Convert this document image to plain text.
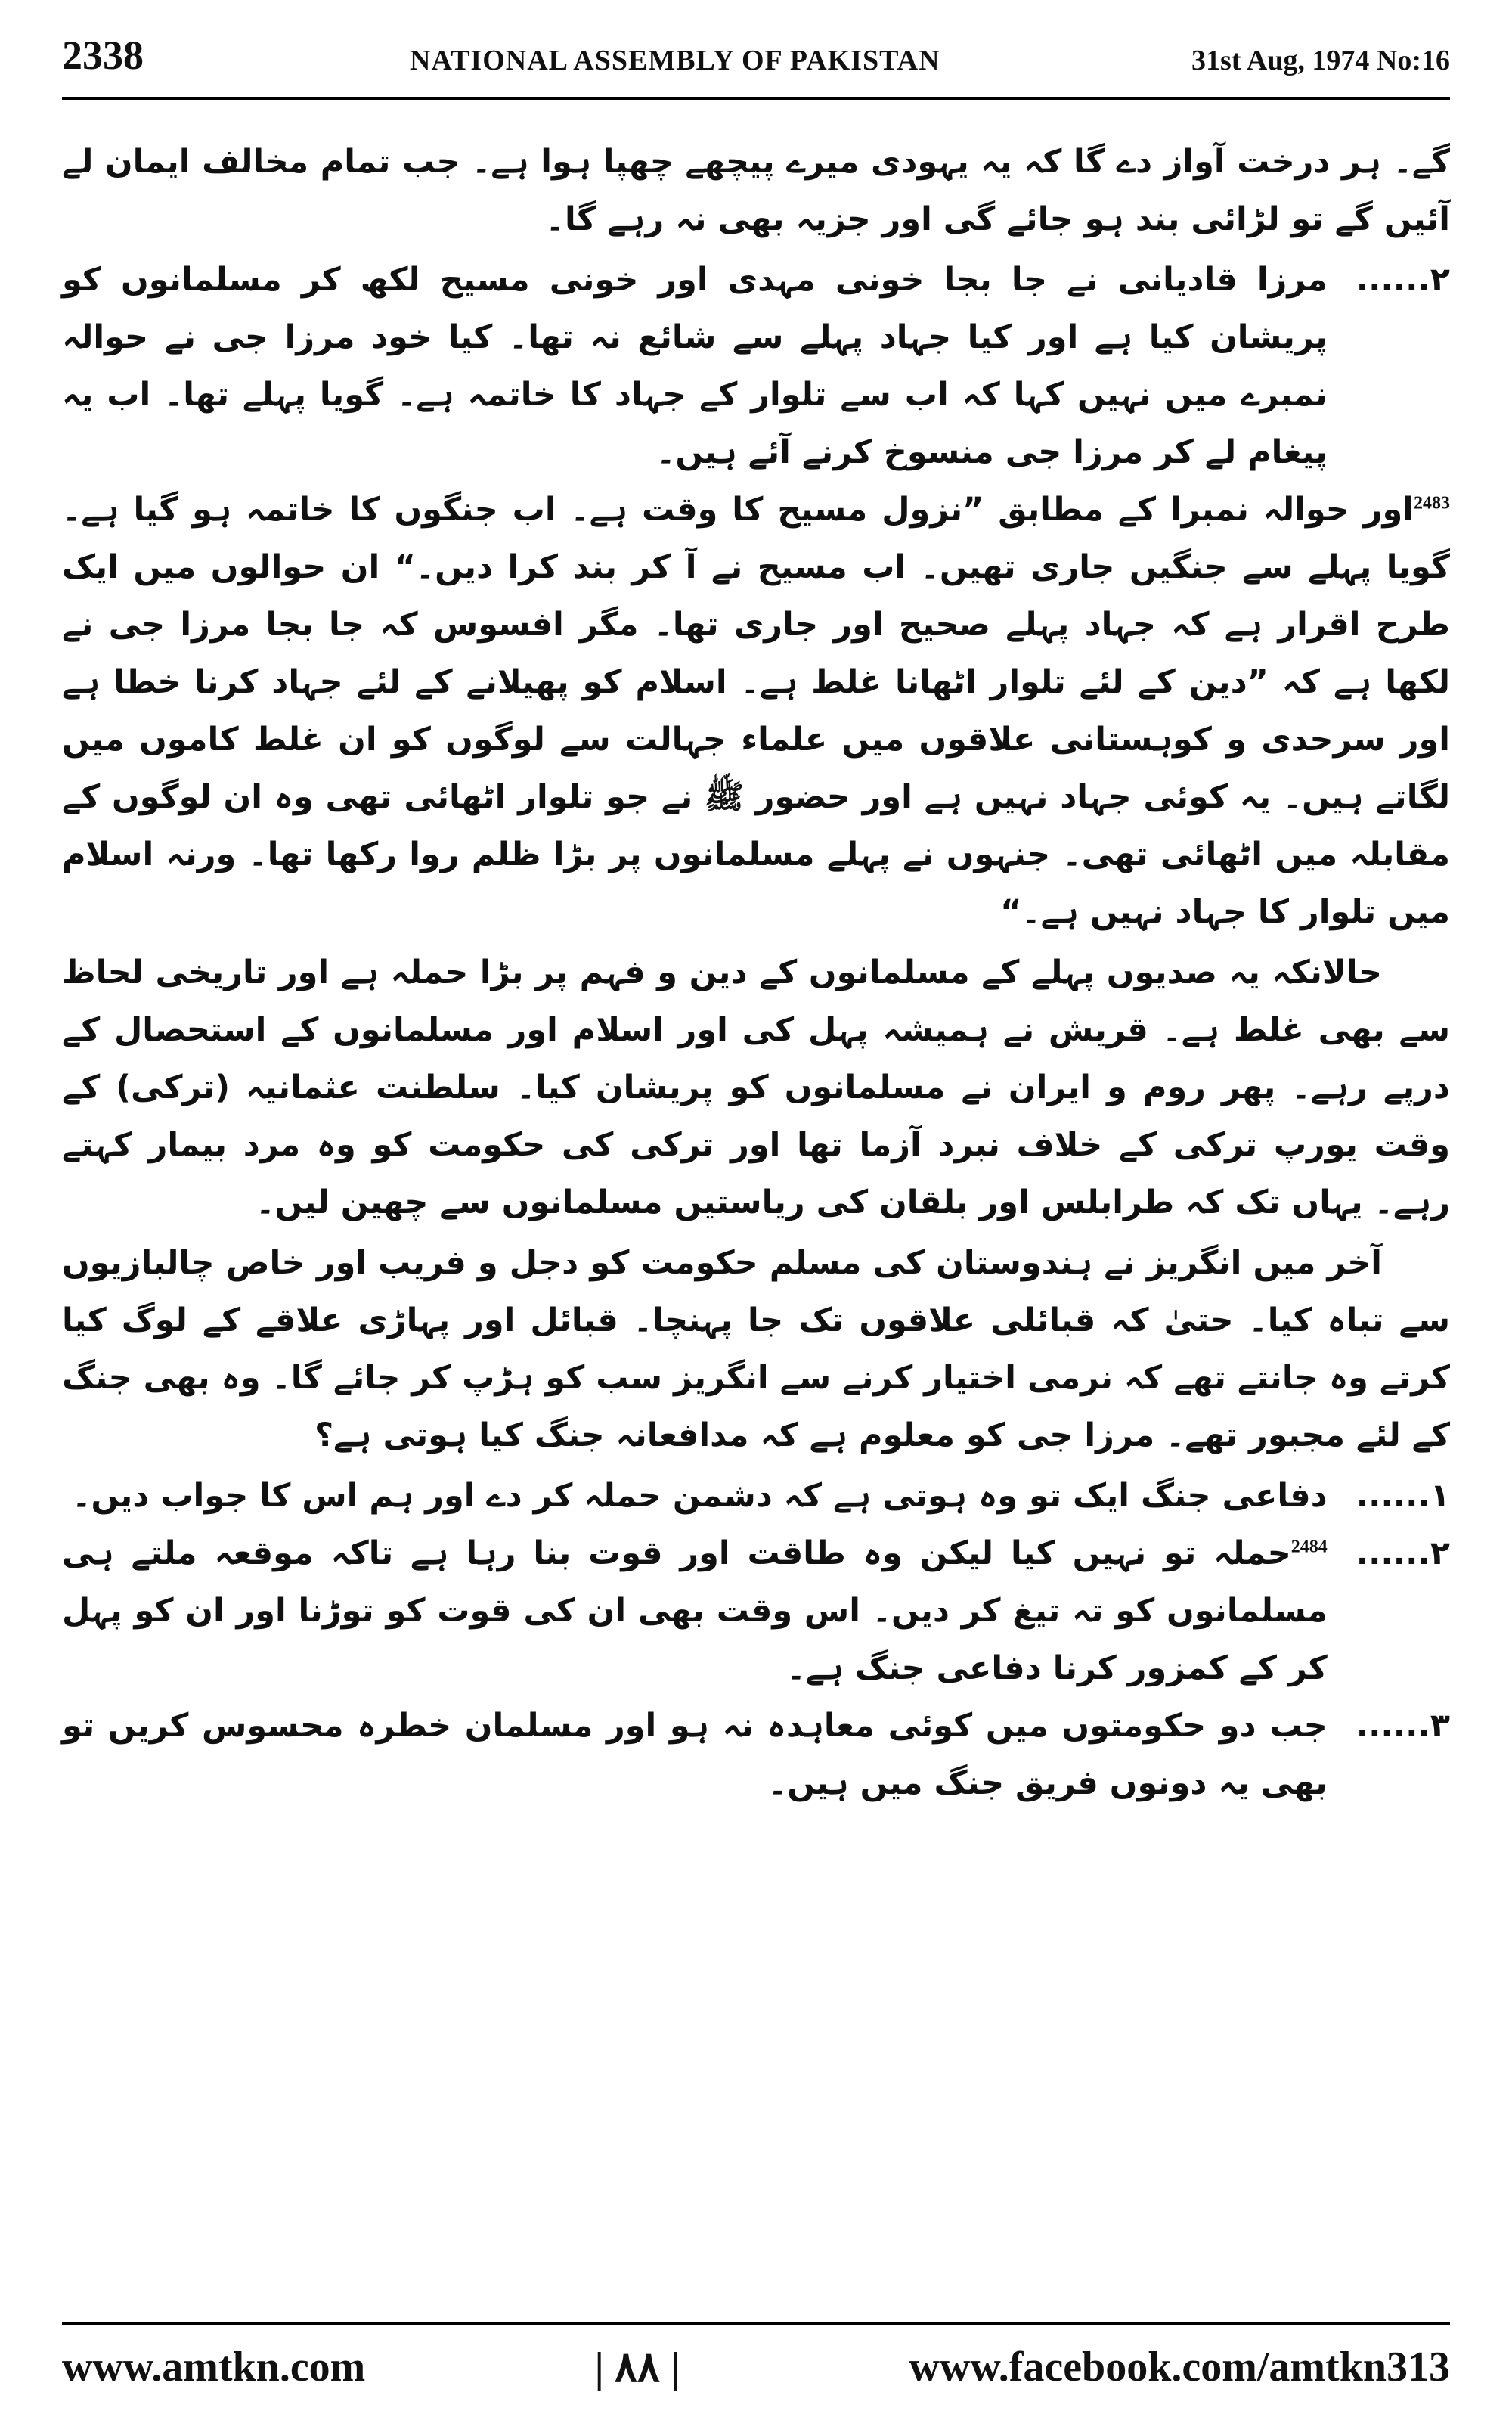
2338	NATIONAL ASSEMBLY OF PAKISTAN	31st Aug, 1974 No:16

گے۔ ہر درخت آواز دے گا کہ یہ یہودی میرے پیچھے چھپا ہوا ہے۔ جب تمام مخالف ایمان لے آئیں گے تو لڑائی بند ہو جائے گی اور جزیہ بھی نہ رہے گا۔

۲......
مرزا قادیانی نے جا بجا خونی مہدی اور خونی مسیح لکھ کر مسلمانوں کو پریشان کیا ہے اور کیا جہاد پہلے سے شائع نہ تھا۔ کیا خود مرزا جی نے حوالہ نمبرے میں نہیں کہا کہ اب سے تلوار کے جہاد کا خاتمہ ہے۔ گویا پہلے تھا۔ اب یہ پیغام لے کر مرزا جی منسوخ کرنے آئے ہیں۔

$^{2483}$اور حوالہ نمبرا کے مطابق ”نزول مسیح کا وقت ہے۔ اب جنگوں کا خاتمہ ہو گیا ہے۔ گویا پہلے سے جنگیں جاری تھیں۔ اب مسیح نے آ کر بند کرا دیں۔“ ان حوالوں میں ایک طرح اقرار ہے کہ جہاد پہلے صحیح اور جاری تھا۔ مگر افسوس کہ جا بجا مرزا جی نے لکھا ہے کہ ”دین کے لئے تلوار اٹھانا غلط ہے۔ اسلام کو پھیلانے کے لئے جہاد کرنا خطا ہے اور سرحدی و کوہستانی علاقوں میں علماء جہالت سے لوگوں کو ان غلط کاموں میں لگاتے ہیں۔ یہ کوئی جہاد نہیں ہے اور حضور ﷺ نے جو تلوار اٹھائی تھی وہ ان لوگوں کے مقابلہ میں اٹھائی تھی۔ جنہوں نے پہلے مسلمانوں پر بڑا ظلم روا رکھا تھا۔ ورنہ اسلام میں تلوار کا جہاد نہیں ہے۔“

حالانکہ یہ صدیوں پہلے کے مسلمانوں کے دین و فہم پر بڑا حملہ ہے اور تاریخی لحاظ سے بھی غلط ہے۔ قریش نے ہمیشہ پہل کی اور اسلام اور مسلمانوں کے استحصال کے درپے رہے۔ پھر روم و ایران نے مسلمانوں کو پریشان کیا۔ سلطنت عثمانیہ (ترکی) کے وقت یورپ ترکی کے خلاف نبرد آزما تھا اور ترکی کی حکومت کو وہ مرد بیمار کہتے رہے۔ یہاں تک کہ طرابلس اور بلقان کی ریاستیں مسلمانوں سے چھین لیں۔

آخر میں انگریز نے ہندوستان کی مسلم حکومت کو دجل و فریب اور خاص چالبازیوں سے تباہ کیا۔ حتیٰ کہ قبائلی علاقوں تک جا پہنچا۔ قبائل اور پہاڑی علاقے کے لوگ کیا کرتے وہ جانتے تھے کہ نرمی اختیار کرنے سے انگریز سب کو ہڑپ کر جائے گا۔ وہ بھی جنگ کے لئے مجبور تھے۔ مرزا جی کو معلوم ہے کہ مدافعانہ جنگ کیا ہوتی ہے؟

۱......
دفاعی جنگ ایک تو وہ ہوتی ہے کہ دشمن حملہ کر دے اور ہم اس کا جواب دیں۔
۲......
$^{2484}$حملہ تو نہیں کیا لیکن وہ طاقت اور قوت بنا رہا ہے تاکہ موقعہ ملتے ہی مسلمانوں کو تہ تیغ کر دیں۔ اس وقت بھی ان کی قوت کو توڑنا اور ان کو پہل کر کے کمزور کرنا دفاعی جنگ ہے۔
۳......
جب دو حکومتوں میں کوئی معاہدہ نہ ہو اور مسلمان خطرہ محسوس کریں تو بھی یہ دونوں فریق جنگ میں ہیں۔
www.amtkn.com	| ۸۸ |	www.facebook.com/amtkn313
